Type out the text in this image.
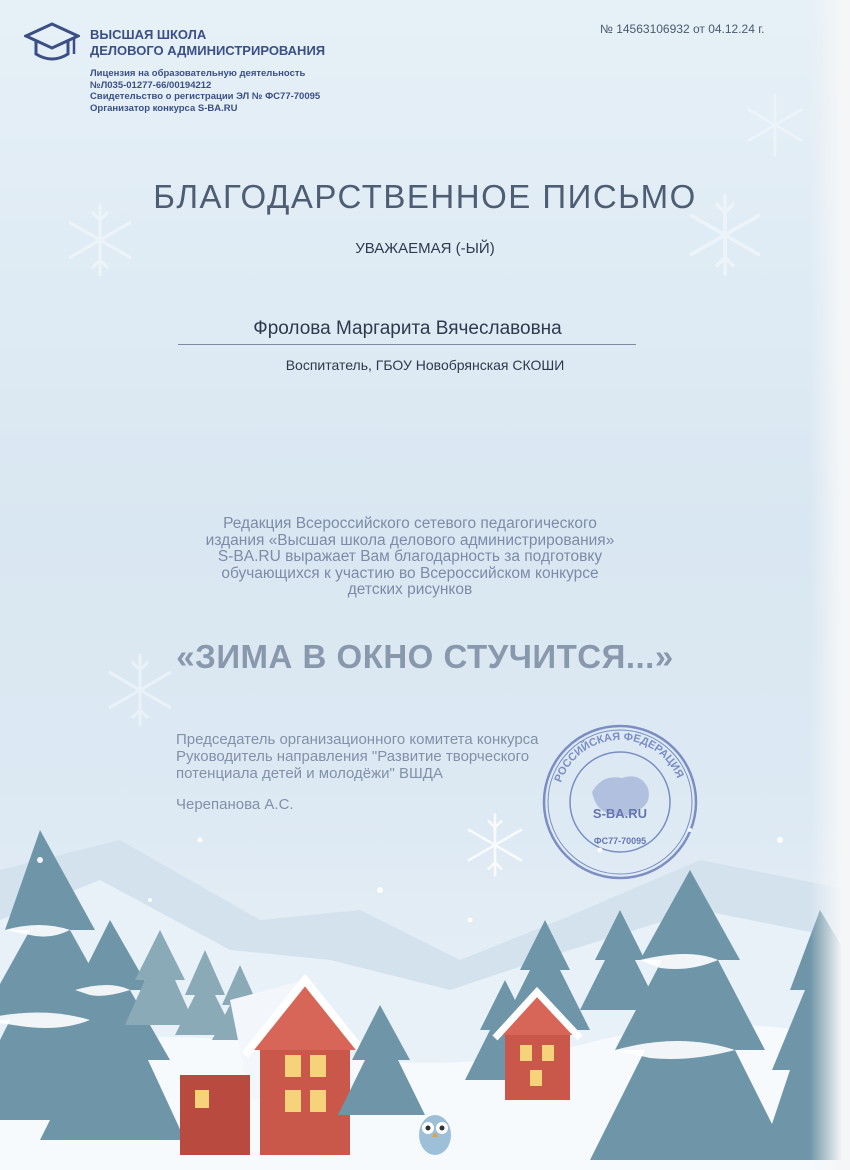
ВЫСШАЯ ШКОЛА
ДЕЛОВОГО АДМИНИСТРИРОВАНИЯ
Лицензия на образовательную деятельность
№Л035-01277-66/00194212
Свидетельство о регистрации ЭЛ № ФС77-70095
Организатор конкурса S-BA.RU
№ 14563106932 от 04.12.24 г.
БЛАГОДАРСТВЕННОЕ ПИСЬМО
УВАЖАЕМАЯ (-ЫЙ)
Фролова Маргарита Вячеславовна
Воспитатель, ГБОУ Новобрянская СКОШИ
Редакция Всероссийского сетевого педагогического
издания «Высшая школа делового администрирования»
S-BA.RU выражает Вам благодарность за подготовку
обучающихся к участию во Всероссийском конкурсе
детских рисунков
«ЗИМА В ОКНО СТУЧИТСЯ...»
Председатель организационного комитета конкурса
Руководитель направления "Развитие творческого
потенциала детей и молодёжи" ВШДА
Черепанова А.С.
РОССИЙСКАЯ ФЕДЕРАЦИЯ
S-BA.RU
ФС77-70095
